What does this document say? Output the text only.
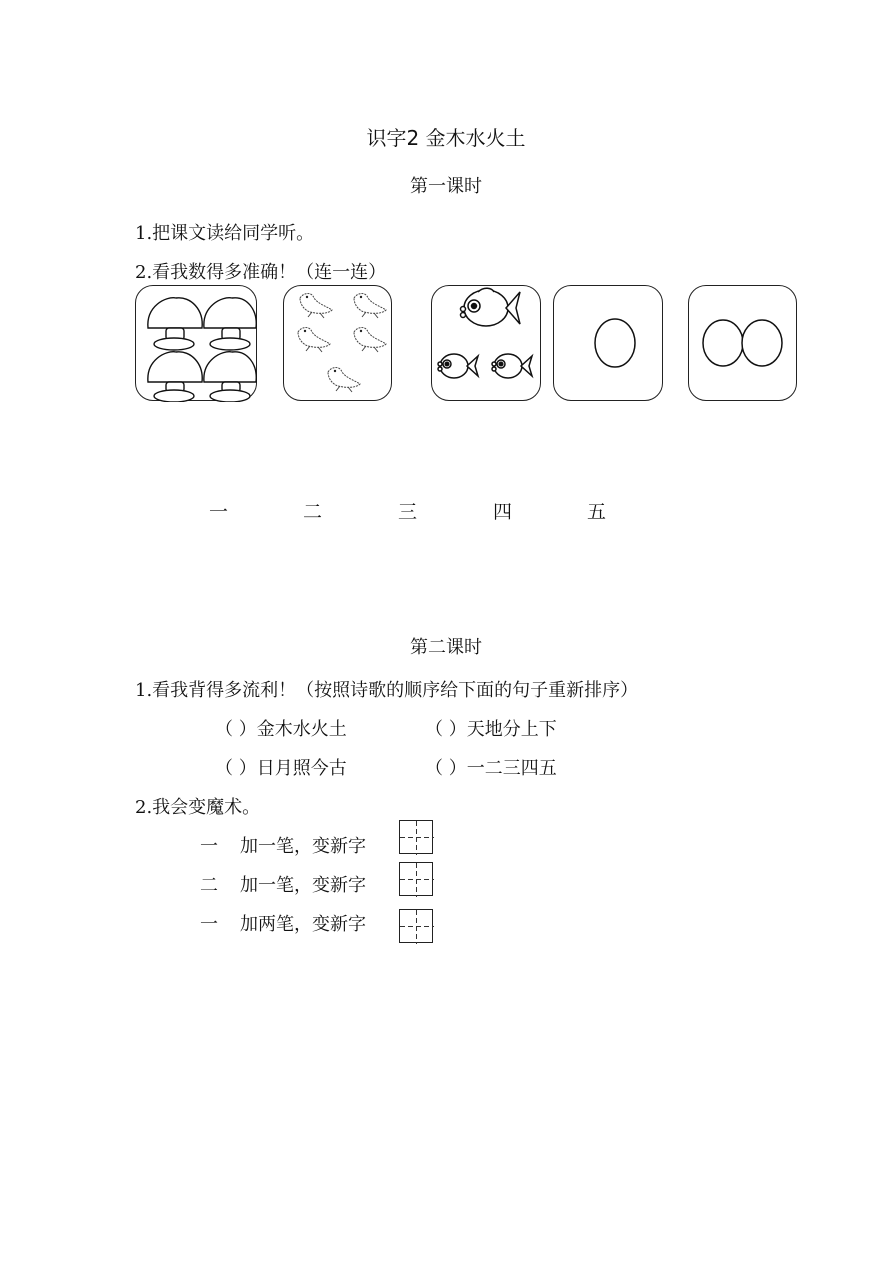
识字2 金木水火土
第一课时
1.把课文读给同学听。
2.看我数得多准确！（连一连）
一	二	三	四	五
第二课时
1.看我背得多流利！（按照诗歌的顺序给下面的句子重新排序）
（ ）金木水火土	（ ）天地分上下
（ ）日月照今古	（ ）一二三四五
2.我会变魔术。
一 加一笔，变新字
二 加一笔，变新字
一 加两笔，变新字
